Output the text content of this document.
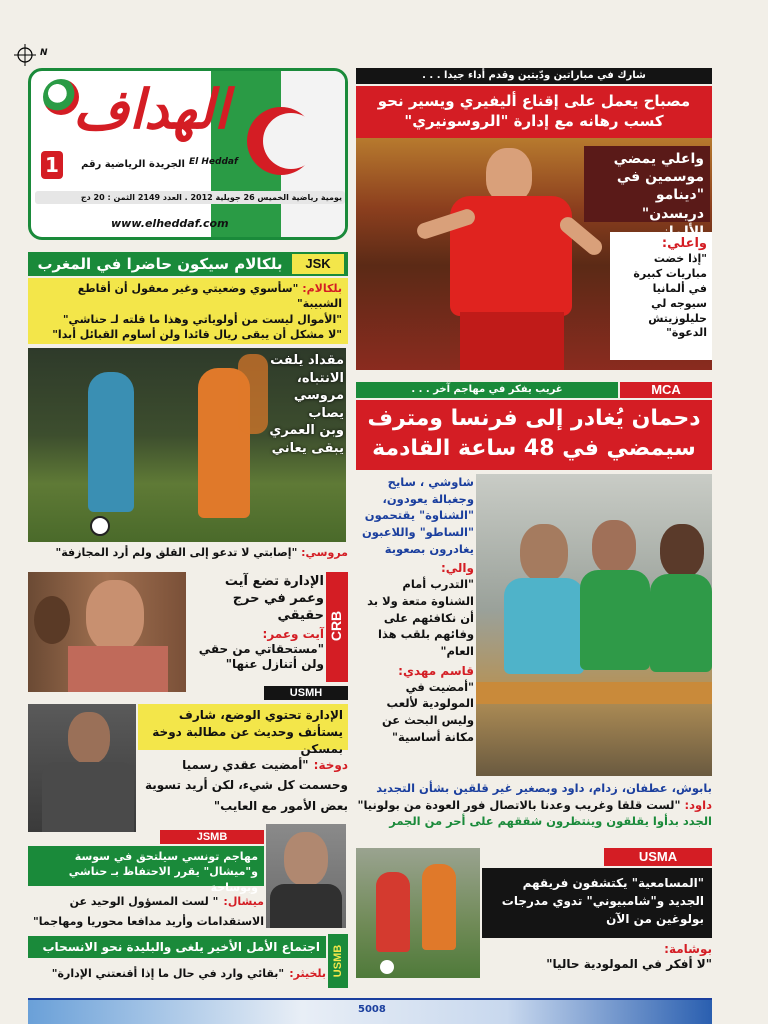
N
الهداف
El Heddaf
1	الجريدة الرياضية رقم
يومية رياضية الخميس 26 جويلية 2012 . العدد 2149 الثمن : 20 دج
www.elheddaf.com
شارك في مباراتين ودّيتين وقدم أداء جيدا . . .
مصباح يعمل على إقناع أليفيري ويسير نحو كسب رهانه مع إدارة "الروسونيري"
واعلي يمضي موسمين في "دينامو دريسدن"
واعلي:
"إذا خضت مباريات كبيرة في ألمانيا سيوجه لي حليلوزيتش الدعوة"
JSK
بلكالام سيكون حاضرا في المغرب
بلكالام: "سأسوي وضعيتي وغير معقول أن أقاطع الشبيبة"
"الأموال ليست من أولوياتي وهذا ما قلته لـ حناشي"
"لا مشكل أن يبقى ريال قائدا ولن أساوم القبائل أبدا"
مقداد يلفت
الانتباه،
مروسي
يصاب
وبن العمري
يبقى يعاني
مروسي: "إصابتي لا تدعو إلى القلق ولم أرد المجازفة"
CRB
الإدارة تضع آيت وعمر في حرج حقيقي
آيت وعمر:
"مستحقاتي من حقي ولن أتنازل عنها"
USMH
الإدارة تحتوي الوضع، شارف يستأنف وحديث عن مطالبة دوخة بمسكن
دوخة: "أمضيت عقدي رسميا وحسمت كل شيء، لكن أريد تسوية بعض الأمور مع العايب"
JSMB
مهاجم تونسي سيلتحق في سوسة و"ميشال" يقرر الاحتفاظ بـ حناشي وبوساحة
ميشال: " لست المسؤول الوحيد عن الاستقدامات وأريد مدافعا محوريا ومهاجما"
USMB
اجتماع الأمل الأخير يلغى والبليدة نحو الانسحاب
بلخيثر: "بقائي وارد في حال ما إذا أقنعتني الإدارة"
غريب يفكر في مهاجم آخر . . .	MCA
دحمان يُغادر إلى فرنسا ومترف
سيمضي في 48 ساعة القادمة
شاوشي ، سايح وجغبالة يعودون، "الشناوة" يقتحمون "الساطو" واللاعبون يغادرون بصعوبة
والي:
"التدرب أمام الشناوة متعة ولا بد أن نكافئهم على وفائهم بلقب هذا العام"
قاسم مهدي:
"أمضيت في المولودية لألعب وليس البحث عن مكانة أساسية"
بابوش، عطفان، زدام، داود وبصغير غير قلقين بشأن التجديد
داود: "لست قلقا وغريب وعدنا بالاتصال فور العودة من بولونيا"
الجدد بدأوا يقلقون وينتظرون شققهم على أحر من الجمر
USMA
"المسامعية" يكتشفون فريقهم الجديد و"شامبيوني" تدوي مدرجات بولوغين من الآن
بوشامة:
"لا أفكر في المولودية حاليا"
5008
